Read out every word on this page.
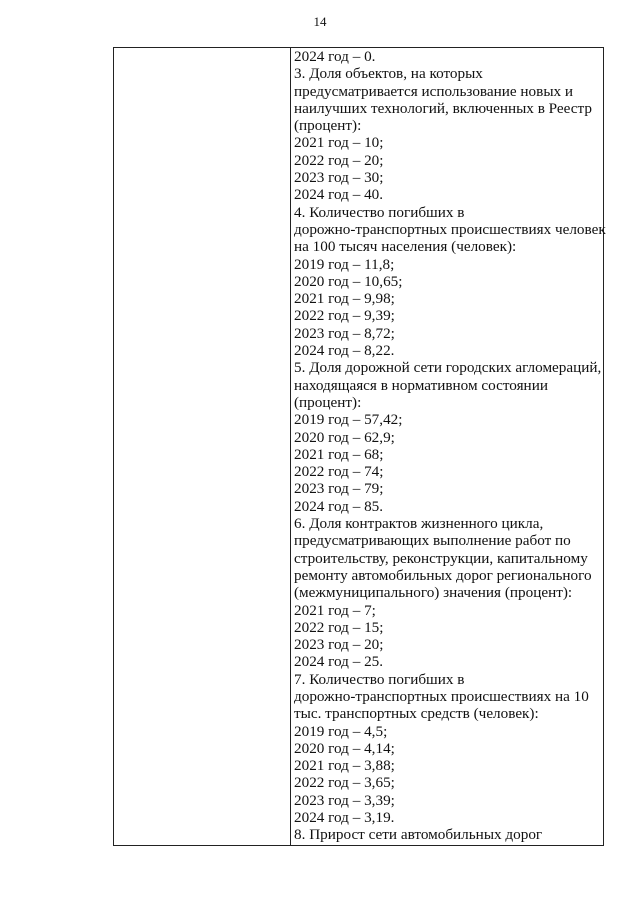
14
2024 год – 0.
3. Доля объектов, на которых
предусматривается использование новых и
наилучших технологий, включенных в Реестр
(процент):
2021 год – 10;
2022 год – 20;
2023 год – 30;
2024 год – 40.
4. Количество погибших в
дорожно-транспортных происшествиях человек
на 100 тысяч населения (человек):
2019 год – 11,8;
2020 год – 10,65;
2021 год – 9,98;
2022 год – 9,39;
2023 год – 8,72;
2024 год – 8,22.
5. Доля дорожной сети городских агломераций,
находящаяся в нормативном состоянии
(процент):
2019 год – 57,42;
2020 год – 62,9;
2021 год – 68;
2022 год – 74;
2023 год – 79;
2024 год – 85.
6. Доля контрактов жизненного цикла,
предусматривающих выполнение работ по
строительству, реконструкции, капитальному
ремонту автомобильных дорог регионального
(межмуниципального) значения (процент):
2021 год – 7;
2022 год – 15;
2023 год – 20;
2024 год – 25.
7. Количество погибших в
дорожно-транспортных происшествиях на 10
тыс. транспортных средств (человек):
2019 год – 4,5;
2020 год – 4,14;
2021 год – 3,88;
2022 год – 3,65;
2023 год – 3,39;
2024 год – 3,19.
8. Прирост сети автомобильных дорог
